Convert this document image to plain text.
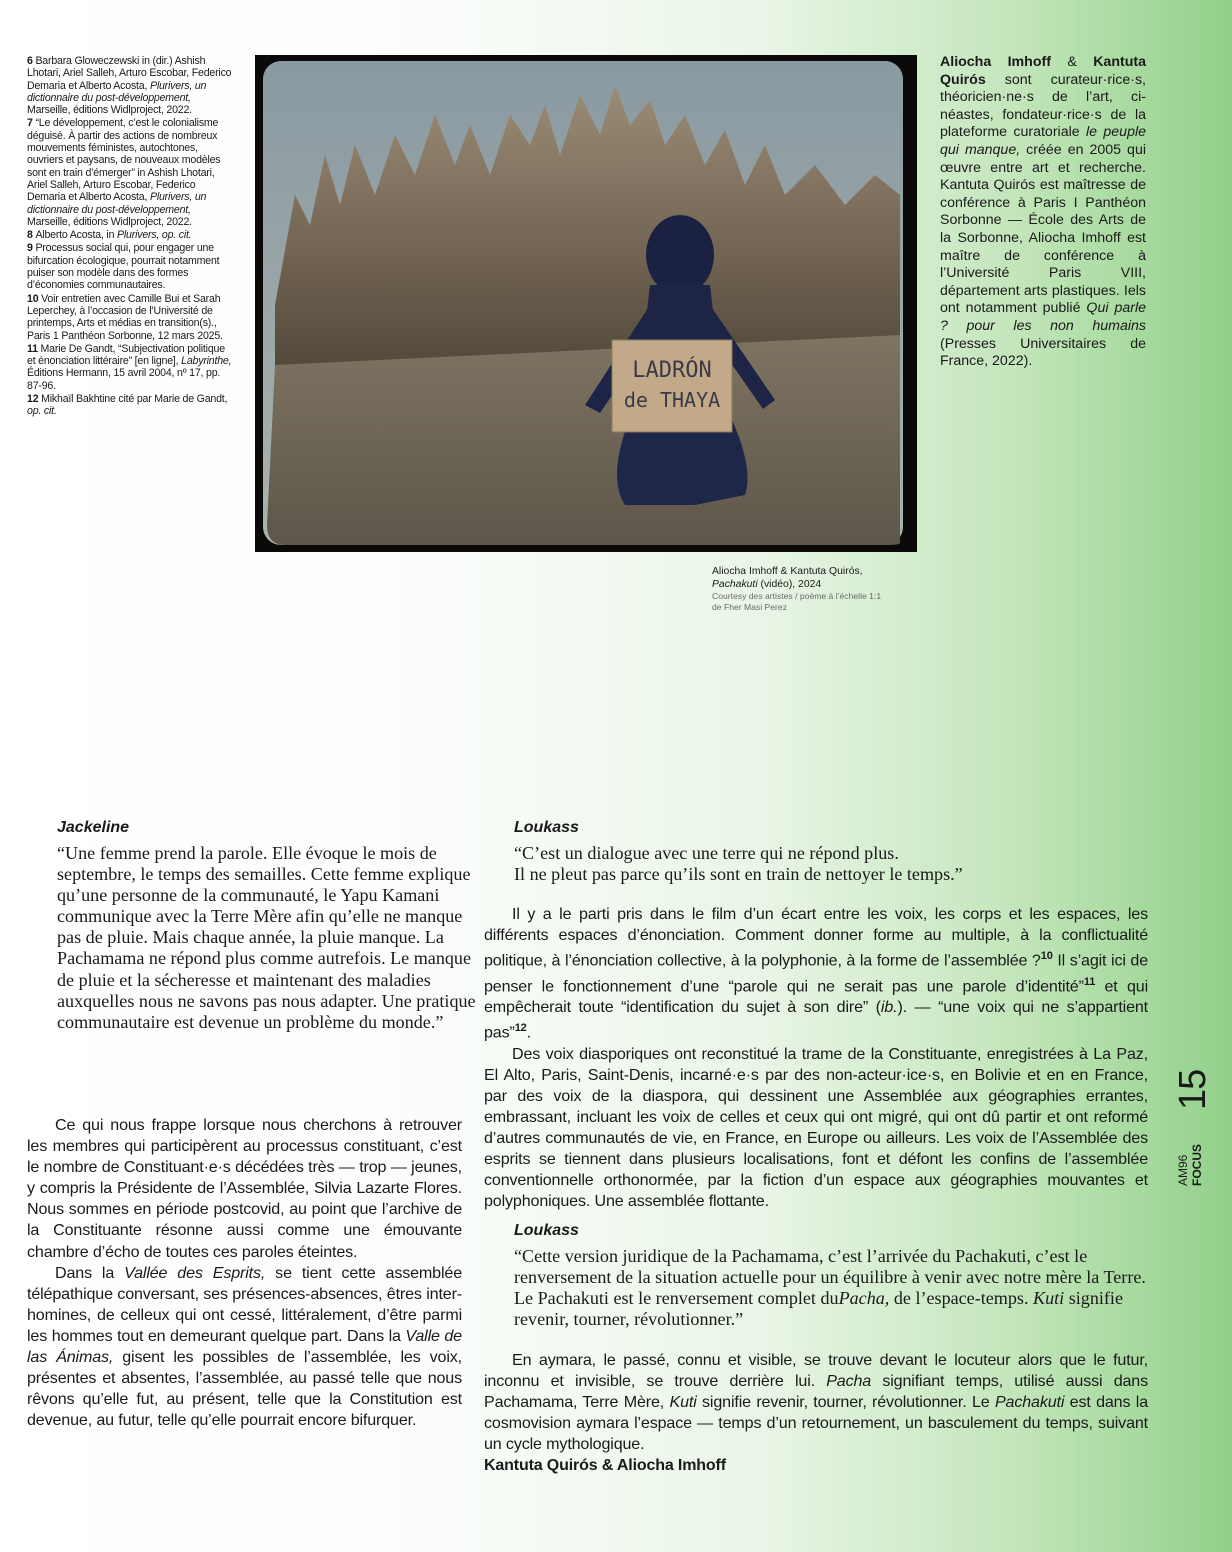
6 Barbara Gloweczewski in (dir.) Ashish Lhotari, Ariel Salleh, Arturo Escobar, Federico Demaria et Alberto Acosta, Plurivers, un dictionnaire du post-développement, Marseille, éditions Widlproject, 2022.
7 “Le développement, c’est le colonialisme déguisé. À partir des actions de nombreux mouvements féministes, autochtones, ouvriers et paysans, de nouveaux modèles sont en train d’émerger” in Ashish Lhotari, Ariel Salleh, Arturo Escobar, Federico Demaria et Alberto Acosta, Plurivers, un dictionnaire du post-développement, Marseille, éditions Widlproject, 2022.
8 Alberto Acosta, in Plurivers, op. cit.
9 Processus social qui, pour engager une bifurcation écologique, pourrait notamment puiser son modèle dans des formes d’économies communautaires.
10 Voir entretien avec Camille Bui et Sarah Leperchey, à l’occasion de l’Université de printemps, Arts et médias en transition(s)., Paris 1 Panthéon Sorbonne, 12 mars 2025.
11 Marie De Gandt, “Subjectivation politique et énonciation littéraire” [en ligne], Labyrinthe, Éditions Hermann, 15 avril 2004, nº 17, pp. 87-96.
12 Mikhaïl Bakhtine cité par Marie de Gandt, op. cit.
LADRÓN
de THAYA
Aliocha Imhoff & Kantuta Quirós,
Pachakuti (vidéo), 2024
Courtesy des artistes / poème à l’échelle 1:1
de Fher Masi Perez
Aliocha Imhoff & Kantuta Quirós sont curateur·rice·s, théoricien·ne·s de l’art, cinéastes, fondateur·rice·s de la plateforme curatoriale le peuple qui manque, créée en 2005 qui œuvre entre art et recherche. Kantuta Quirós est maîtresse de conférence à Paris I Panthéon Sorbonne — École des Arts de la Sorbonne, Aliocha Imhoff est maître de conférence à l’Université Paris VIII, département arts plastiques. Iels ont notamment publié Qui parle ? pour les non humains (Presses Universitaires de France, 2022).
Jackeline
“Une femme prend la parole. Elle évoque le mois de septembre, le temps des semailles. Cette femme explique qu’une personne de la communauté, le Yapu Kamani communique avec la Terre Mère afin qu’elle ne manque pas de pluie. Mais chaque année, la pluie manque. La Pachamama ne répond plus comme autrefois. Le manque de pluie et la sécheresse et maintenant des maladies auxquelles nous ne savons pas nous adapter. Une pratique communautaire est devenue un problème du monde.”

Ce qui nous frappe lorsque nous cherchons à retrouver les membres qui participèrent au processus constituant, c’est le nombre de Constituant·e·s décédées très — trop — jeunes, y compris la Présidente de l’Assemblée, Silvia Lazarte Flores. Nous sommes en période postcovid, au point que l’archive de la Constituante résonne aussi comme une émouvante chambre d’écho de toutes ces paroles éteintes.

Dans la Vallée des Esprits, se tient cette assemblée télépathique conversant, ses présences-absences, êtres inter-homines, de celleux qui ont cessé, littéralement, d’être parmi les hommes tout en demeurant quelque part. Dans la Valle de las Ánimas, gisent les possibles de l’assemblée, les voix, présentes et absentes, l’assemblée, au passé telle que nous rêvons qu’elle fut, au présent, telle que la Constitution est devenue, au futur, telle qu’elle pourrait encore bifurquer.

Loukass
“C’est un dialogue avec une terre qui ne répond plus.
Il ne pleut pas parce qu’ils sont en train de nettoyer le temps.”

Il y a le parti pris dans le film d’un écart entre les voix, les corps et les espaces, les différents espaces d’énonciation. Comment donner forme au multiple, à la conflictualité politique, à l’énonciation collective, à la polyphonie, à la forme de l’assemblée ?$^{10}$ Il s’agit ici de penser le fonctionnement d’une “parole qui ne serait pas une parole d’identité”$^{11}$ et qui empêcherait toute “identification du sujet à son dire” (ib.). — “une voix qui ne s’appartient pas”$^{12}$.

Des voix diasporiques ont reconstitué la trame de la Constituante, enregistrées à La Paz, El Alto, Paris, Saint-Denis, incarné·e·s par des non-acteur·ice·s, en Bolivie et en en France, par des voix de la diaspora, qui dessinent une Assemblée aux géographies errantes, embrassant, incluant les voix de celles et ceux qui ont migré, qui ont dû partir et ont reformé d’autres communautés de vie, en France, en Europe ou ailleurs. Les voix de l’Assemblée des esprits se tiennent dans plusieurs localisations, font et défont les confins de l’assemblée conventionnelle orthonormée, par la fiction d’un espace aux géographies mouvantes et polyphoniques. Une assemblée flottante.

Loukass
“Cette version juridique de la Pachamama, c’est l’arrivée du Pachakuti, c’est le renversement de la situation actuelle pour un équilibre à venir avec notre mère la Terre. Le Pachakuti est le renversement complet duPacha, de l’espace-temps. Kuti signifie revenir, tourner, révolutionner.”

En aymara, le passé, connu et visible, se trouve devant le locuteur alors que le futur, inconnu et invisible, se trouve derrière lui. Pacha signifiant temps, utilisé aussi dans Pachamama, Terre Mère, Kuti signifie revenir, tourner, révolutionner. Le Pachakuti est dans la cosmovision aymara l’espace — temps d’un retournement, un basculement du temps, suivant un cycle mythologique.

Kantuta Quirós & Aliocha Imhoff
15
AM96
FOCUS
